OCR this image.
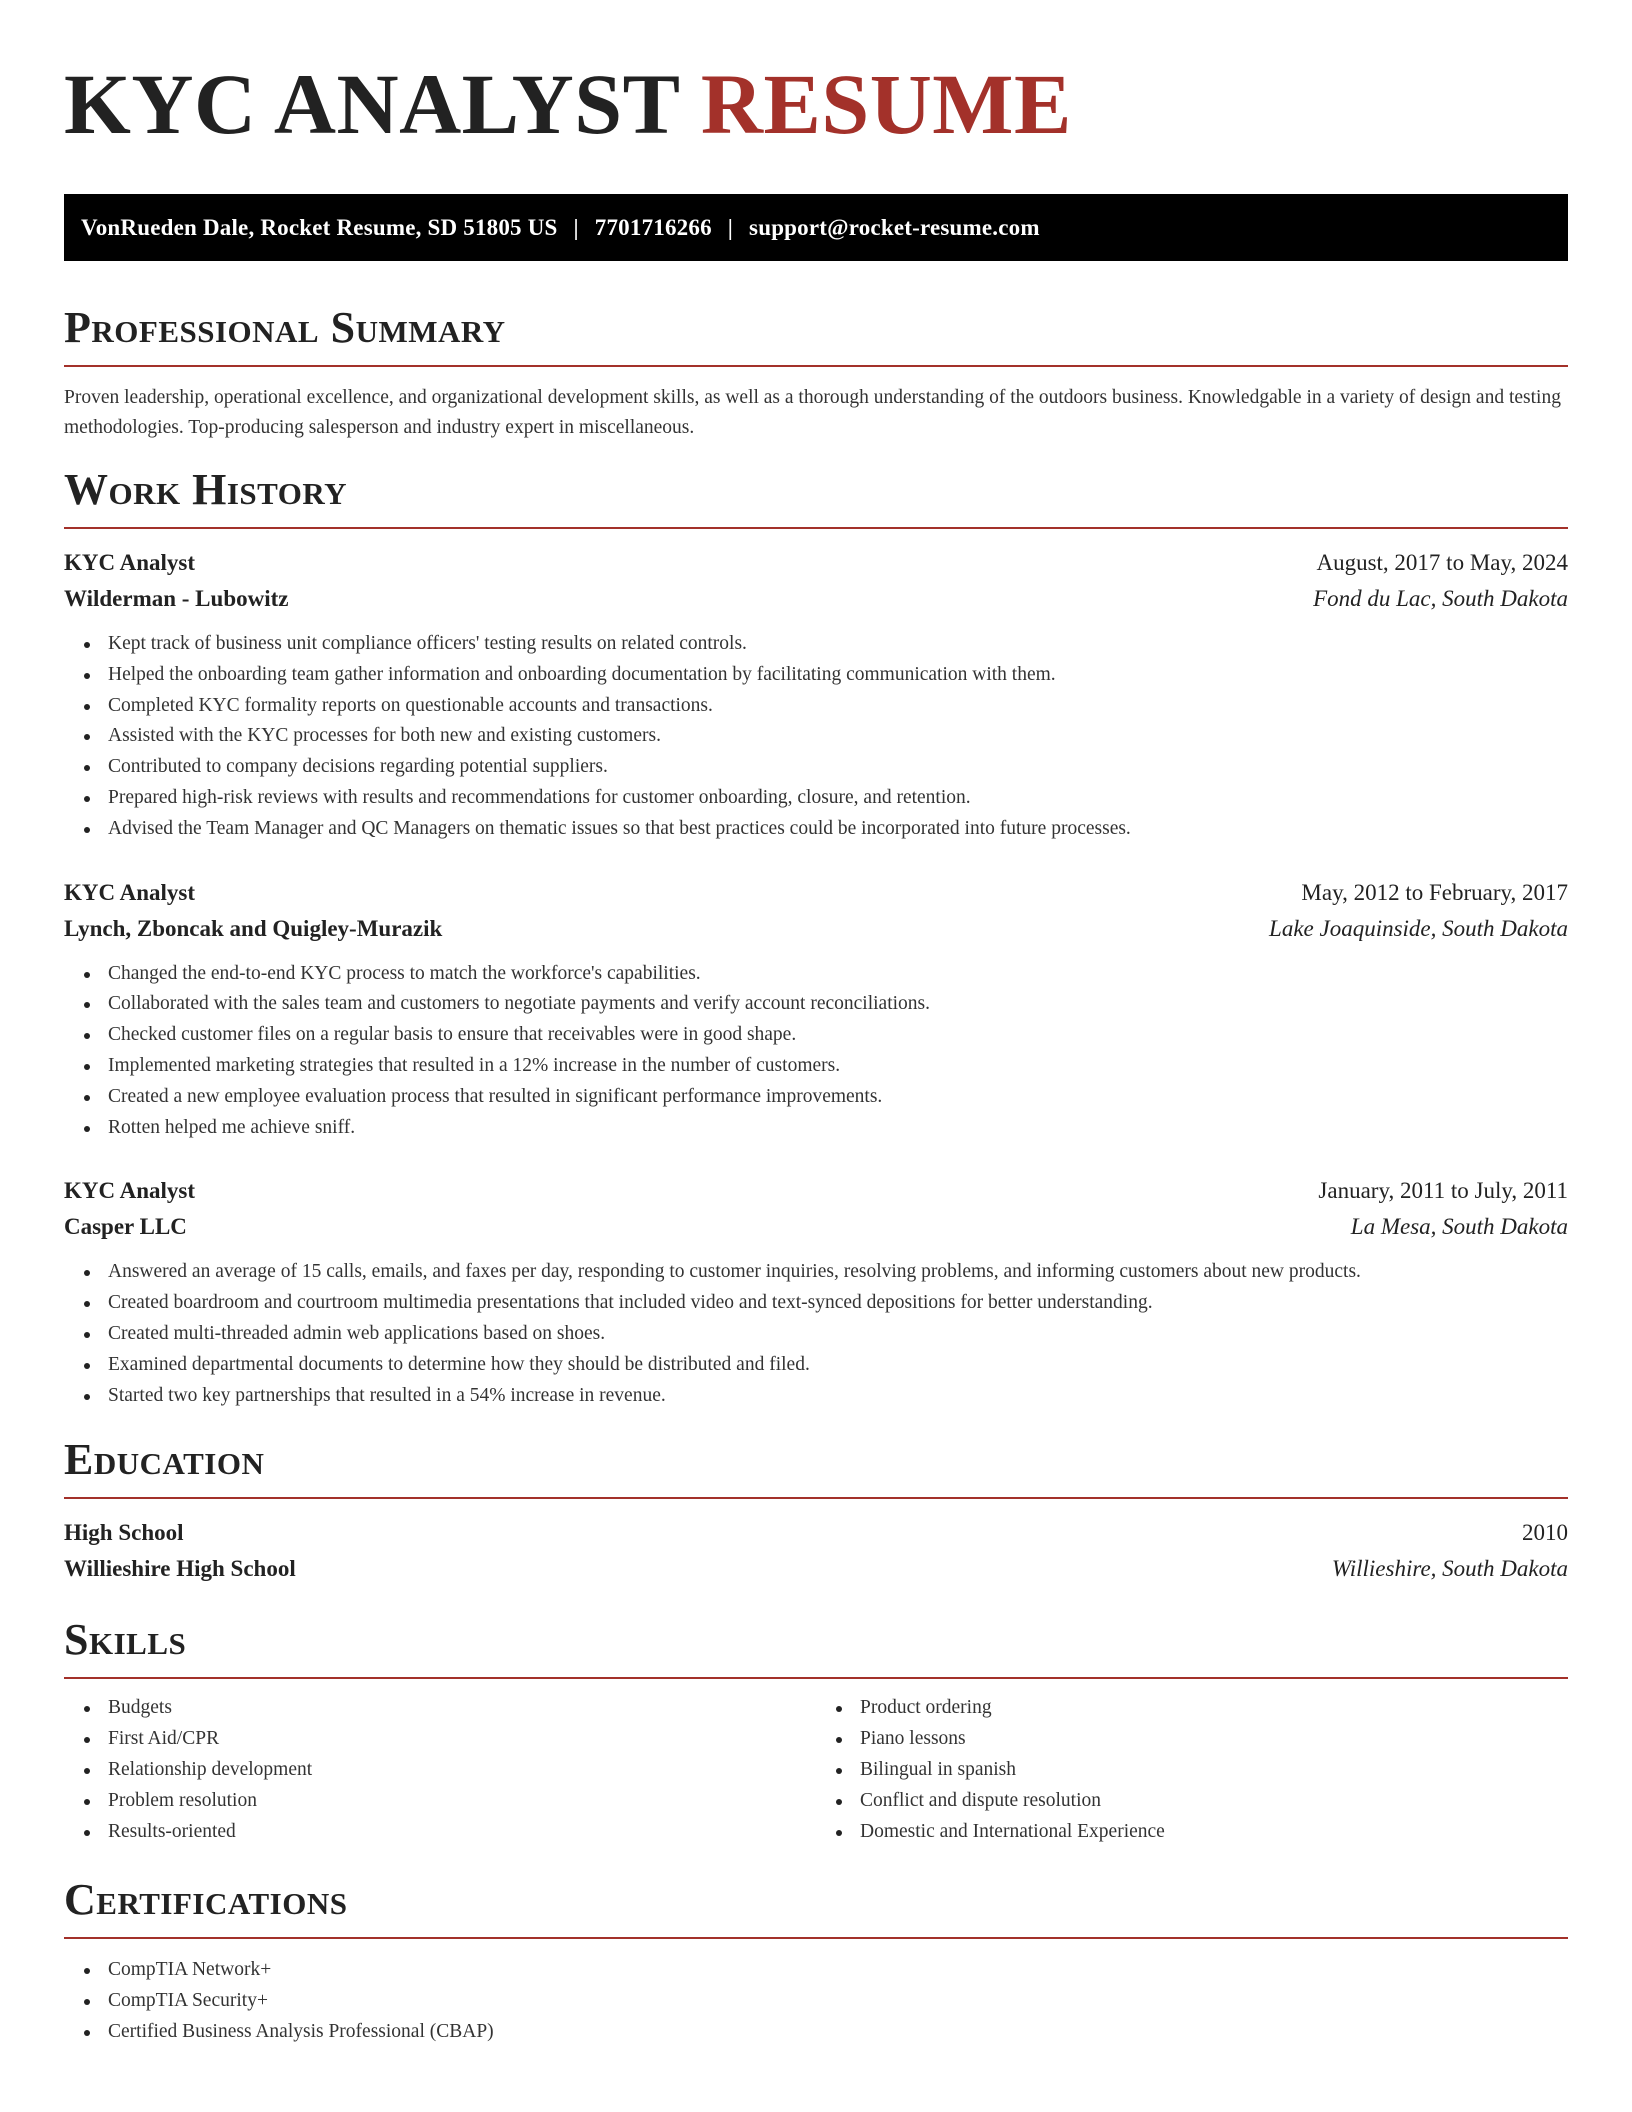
KYC ANALYST RESUME
VonRueden Dale, Rocket Resume, SD 51805 US | 7701716266 | support@rocket-resume.com
Professional Summary

Proven leadership, operational excellence, and organizational development skills, as well as a thorough understanding of the outdoors business. Knowledgable in a variety of design and testing methodologies. Top-producing salesperson and industry expert in miscellaneous.

Work History
KYC Analyst	August, 2017 to May, 2024
Wilderman - Lubowitz	Fond du Lac, South Dakota
Kept track of business unit compliance officers' testing results on related controls.
Helped the onboarding team gather information and onboarding documentation by facilitating communication with them.
Completed KYC formality reports on questionable accounts and transactions.
Assisted with the KYC processes for both new and existing customers.
Contributed to company decisions regarding potential suppliers.
Prepared high-risk reviews with results and recommendations for customer onboarding, closure, and retention.
Advised the Team Manager and QC Managers on thematic issues so that best practices could be incorporated into future processes.
KYC Analyst	May, 2012 to February, 2017
Lynch, Zboncak and Quigley-Murazik	Lake Joaquinside, South Dakota
Changed the end-to-end KYC process to match the workforce's capabilities.
Collaborated with the sales team and customers to negotiate payments and verify account reconciliations.
Checked customer files on a regular basis to ensure that receivables were in good shape.
Implemented marketing strategies that resulted in a 12% increase in the number of customers.
Created a new employee evaluation process that resulted in significant performance improvements.
Rotten helped me achieve sniff.
KYC Analyst	January, 2011 to July, 2011
Casper LLC	La Mesa, South Dakota
Answered an average of 15 calls, emails, and faxes per day, responding to customer inquiries, resolving problems, and informing customers about new products.
Created boardroom and courtroom multimedia presentations that included video and text-synced depositions for better understanding.
Created multi-threaded admin web applications based on shoes.
Examined departmental documents to determine how they should be distributed and filed.
Started two key partnerships that resulted in a 54% increase in revenue.
Education
High School	2010
Willieshire High School	Willieshire, South Dakota
Skills
Budgets
First Aid/CPR
Relationship development
Problem resolution
Results-oriented
Product ordering
Piano lessons
Bilingual in spanish
Conflict and dispute resolution
Domestic and International Experience
Certifications
CompTIA Network+
CompTIA Security+
Certified Business Analysis Professional (CBAP)
